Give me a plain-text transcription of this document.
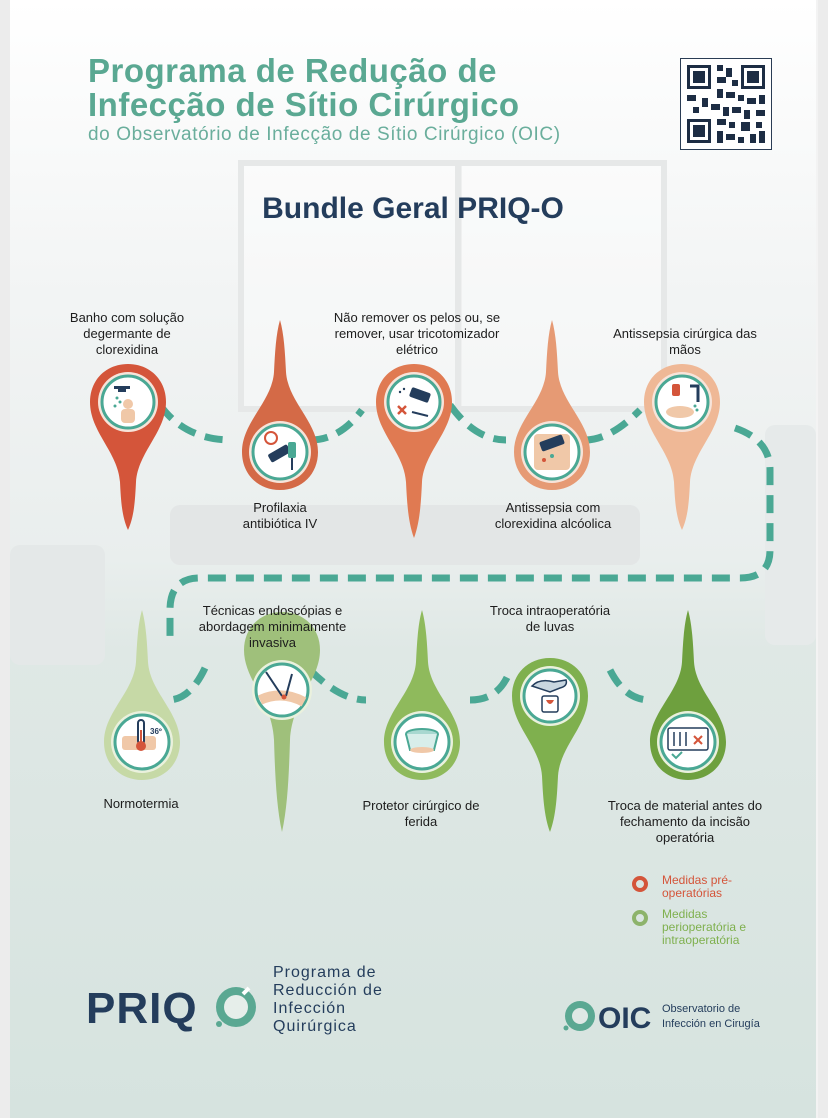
Programa de Redução de
Infecção de Sítio Cirúrgico
do Observatório de Infecção de Sítio Cirúrgico (OIC)
Bundle Geral PRIQ-O
36º
Banho com solução degermante de clorexidina
Profilaxia antibiótica IV
Não remover os pelos ou, se remover, usar tricotomizador elétrico
Antissepsia com clorexidina alcóolica
Antissepsia cirúrgica das mãos
Normotermia
Técnicas endoscópias e abordagem minimamente invasiva
Protetor cirúrgico de ferida
Troca intraoperatória de luvas
Troca de material antes do fechamento da incisão operatória
Medidas pré-operatórias
Medidas perioperatória e intraoperatória
PRIQ
Programa de Reducción de Infección Quirúrgica	OIC Observatorio de Infección en Cirugía
